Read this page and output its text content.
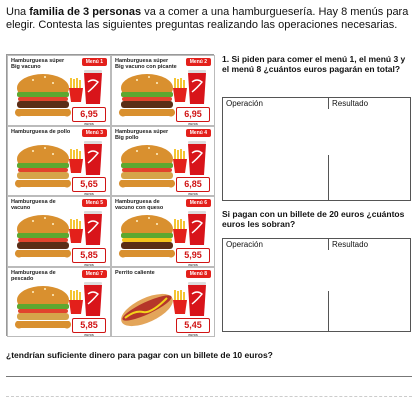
Una familia de 3 personas va a comer a una hamburguesería. Hay 8 menús para elegir. Contesta las siguientes preguntas realizando las operaciones necesarias.
Hamburguesa súper Big vacuno
Menú 1
6,95
euros
Hamburguesa súper Big vacuno con picante
Menú 2
6,95
euros
Hamburguesa de pollo	Menú 3
5,65
euros
Hamburguesa súper Big pollo
Menú 4
6,85
euros
Hamburguesa de vacuno
Menú 5
5,85
euros
Hamburguesa de vacuno con queso
Menú 6
5,95
euros
Hamburguesa de pescado
Menú 7
5,85
euros
Perrito caliente	Menú 8
5,45
euros
1. Si piden para comer el menú 1, el menú 3 y el menú 8 ¿cuántos euros pagarán en total?
Operación	Resultado
Si pagan con un billete de 20 euros ¿cuántos euros les sobran?
Operación	Resultado
¿tendrían suficiente dinero para pagar con un billete de 10 euros?
